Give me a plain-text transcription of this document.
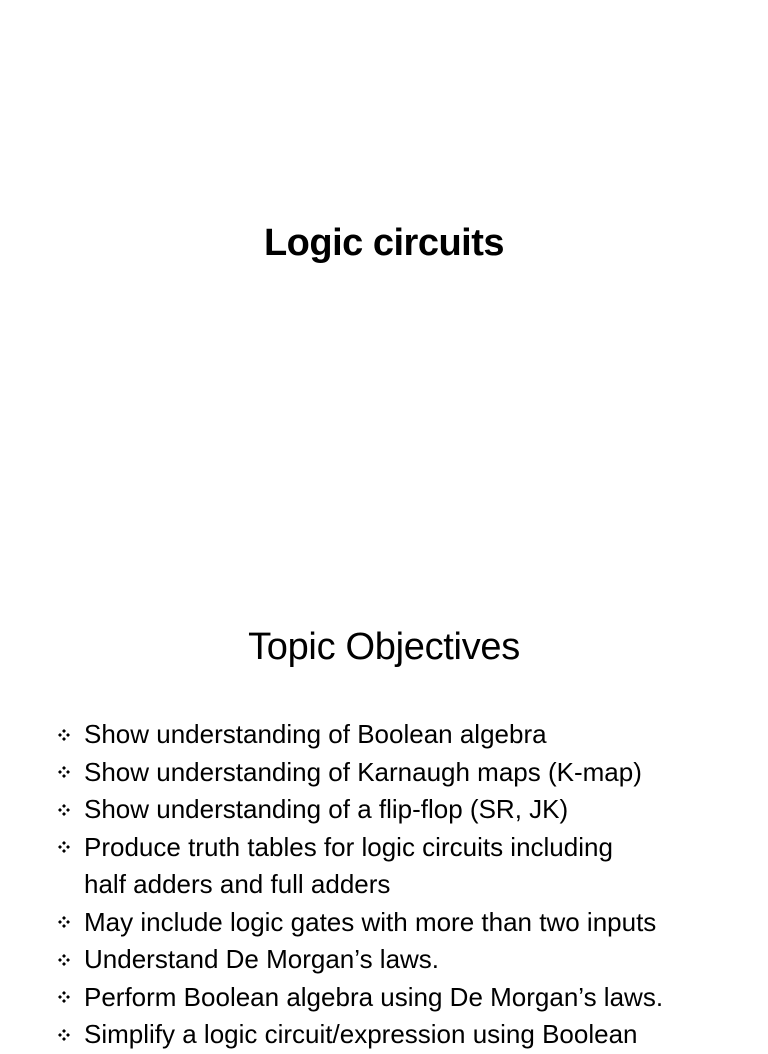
Logic circuits
Topic Objectives
Show understanding of Boolean algebra
Show understanding of Karnaugh maps (K-map)
Show understanding of a flip-flop (SR, JK)
Produce truth tables for logic circuits including
half adders and full adders
May include logic gates with more than two inputs
Understand De Morgan’s laws.
Perform Boolean algebra using De Morgan’s laws.
Simplify a logic circuit/expression using Boolean
